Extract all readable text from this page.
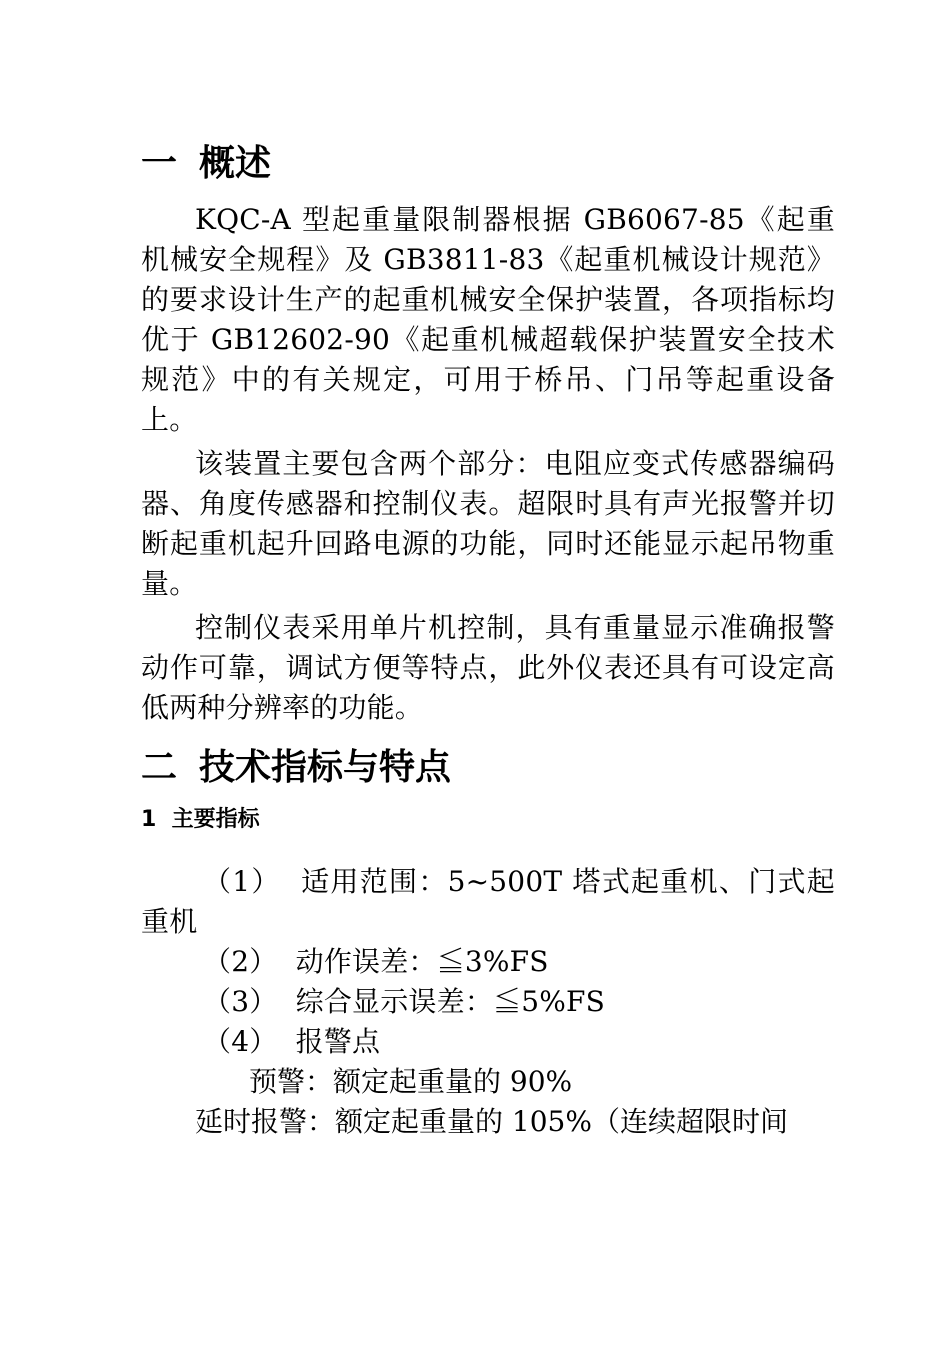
一 概述

KQC-A 型起重量限制器根据 GB6067-85《起重机械安全规程》及 GB3811-83《起重机械设计规范》的要求设计生产的起重机械安全保护装置，各项指标均优于 GB12602-90《起重机械超载保护装置安全技术规范》中的有关规定，可用于桥吊、门吊等起重设备上。

该装置主要包含两个部分：电阻应变式传感器编码器、角度传感器和控制仪表。超限时具有声光报警并切断起重机起升回路电源的功能，同时还能显示起吊物重量。

控制仪表采用单片机控制，具有重量显示准确报警动作可靠，调试方便等特点，此外仪表还具有可设定高低两种分辨率的功能。

二 技术指标与特点
1 主要指标

（1） 适用范围：5~500T 塔式起重机、门式起重机

（2） 动作误差：≦3%FS

（3） 综合显示误差：≦5%FS

（4） 报警点

预警：额定起重量的 90%

延时报警：额定起重量的 105%（连续超限时间
